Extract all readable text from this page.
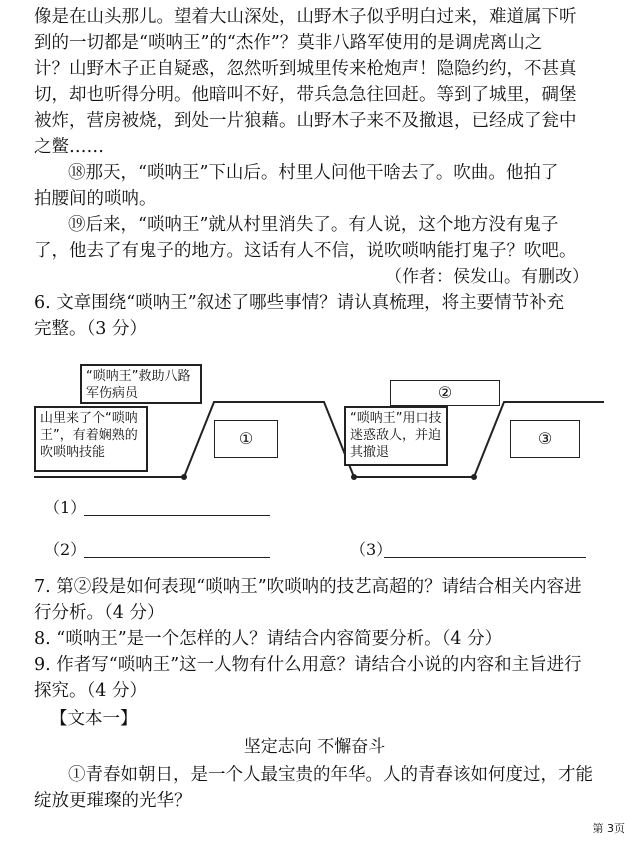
像是在山头那儿。望着大山深处，山野木子似乎明白过来，难道属下听
到的一切都是“唢呐王”的“杰作”？莫非八路军使用的是调虎离山之
计？山野木子正自疑惑，忽然听到城里传来枪炮声！隐隐约约，不甚真
切，却也听得分明。他暗叫不好，带兵急急往回赶。等到了城里，碉堡
被炸，营房被烧，到处一片狼藉。山野木子来不及撤退，已经成了瓮中
之鳖……
⑱那天，“唢呐王”下山后。村里人问他干啥去了。吹曲。他拍了
拍腰间的唢呐。
⑲后来，“唢呐王”就从村里消失了。有人说，这个地方没有鬼子
了，他去了有鬼子的地方。这话有人不信，说吹唢呐能打鬼子？吹吧。
（作者：侯发山。有删改）
6. 文章围绕“唢呐王”叙述了哪些事情？请认真梳理，将主要情节补充
完整。（3 分）
山里来了个“唢呐王”，有着娴熟的吹唢呐技能
“唢呐王”救助八路军伤病员
“唢呐王”用口技迷惑敌人，并迫其撤退
①
②
③
（1）
（2）	（3）
7. 第②段是如何表现“唢呐王”吹唢呐的技艺高超的？请结合相关内容进
行分析。（4 分）
8. “唢呐王”是一个怎样的人？请结合内容简要分析。（4 分）
9. 作者写“唢呐王”这一人物有什么用意？请结合小说的内容和主旨进行
探究。（4 分）
【文本一】
坚定志向 不懈奋斗
①青春如朝日，是一个人最宝贵的年华。人的青春该如何度过，才能
绽放更璀璨的光华？
第 3页
